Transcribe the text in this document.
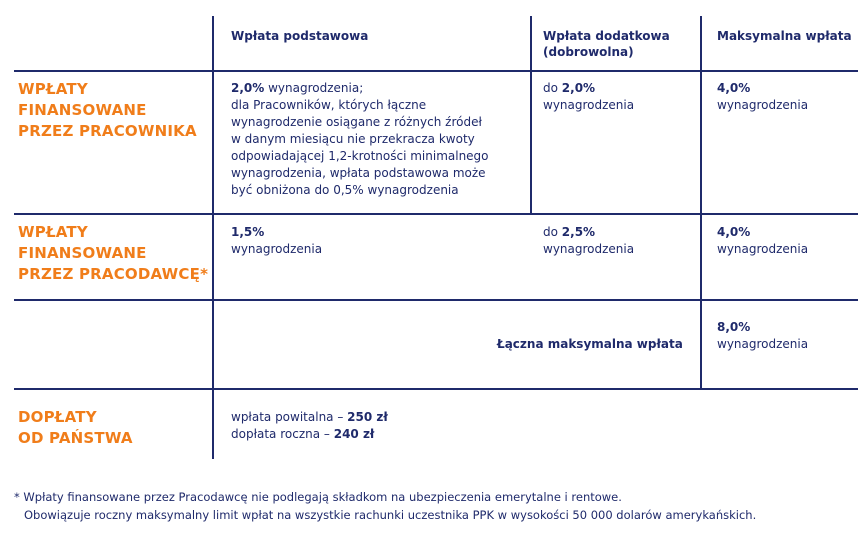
Wpłata podstawowa	Wpłata dodatkowa
(dobrowolna)
Maksymalna wpłata
WPŁATY
FINANSOWANE
PRZEZ PRACOWNIKA
2,0% wynagrodzenia;
dla Pracowników, których łączne
wynagrodzenie osiągane z różnych źródeł
w danym miesiącu nie przekracza kwoty
odpowiadającej 1,2-krotności minimalnego
wynagrodzenia, wpłata podstawowa może
być obniżona do 0,5% wynagrodzenia
do 2,0%
wynagrodzenia
4,0%
wynagrodzenia
WPŁATY
FINANSOWANE
PRZEZ PRACODAWCĘ*
1,5%
wynagrodzenia
do 2,5%
wynagrodzenia
4,0%
wynagrodzenia
Łączna maksymalna wpłata
8,0%
wynagrodzenia
DOPŁATY
OD PAŃSTWA
wpłata powitalna – 250 zł
dopłata roczna – 240 zł
* Wpłaty finansowane przez Pracodawcę nie podlegają składkom na ubezpieczenia emerytalne i rentowe.
Obowiązuje roczny maksymalny limit wpłat na wszystkie rachunki uczestnika PPK w wysokości 50 000 dolarów amerykańskich.
